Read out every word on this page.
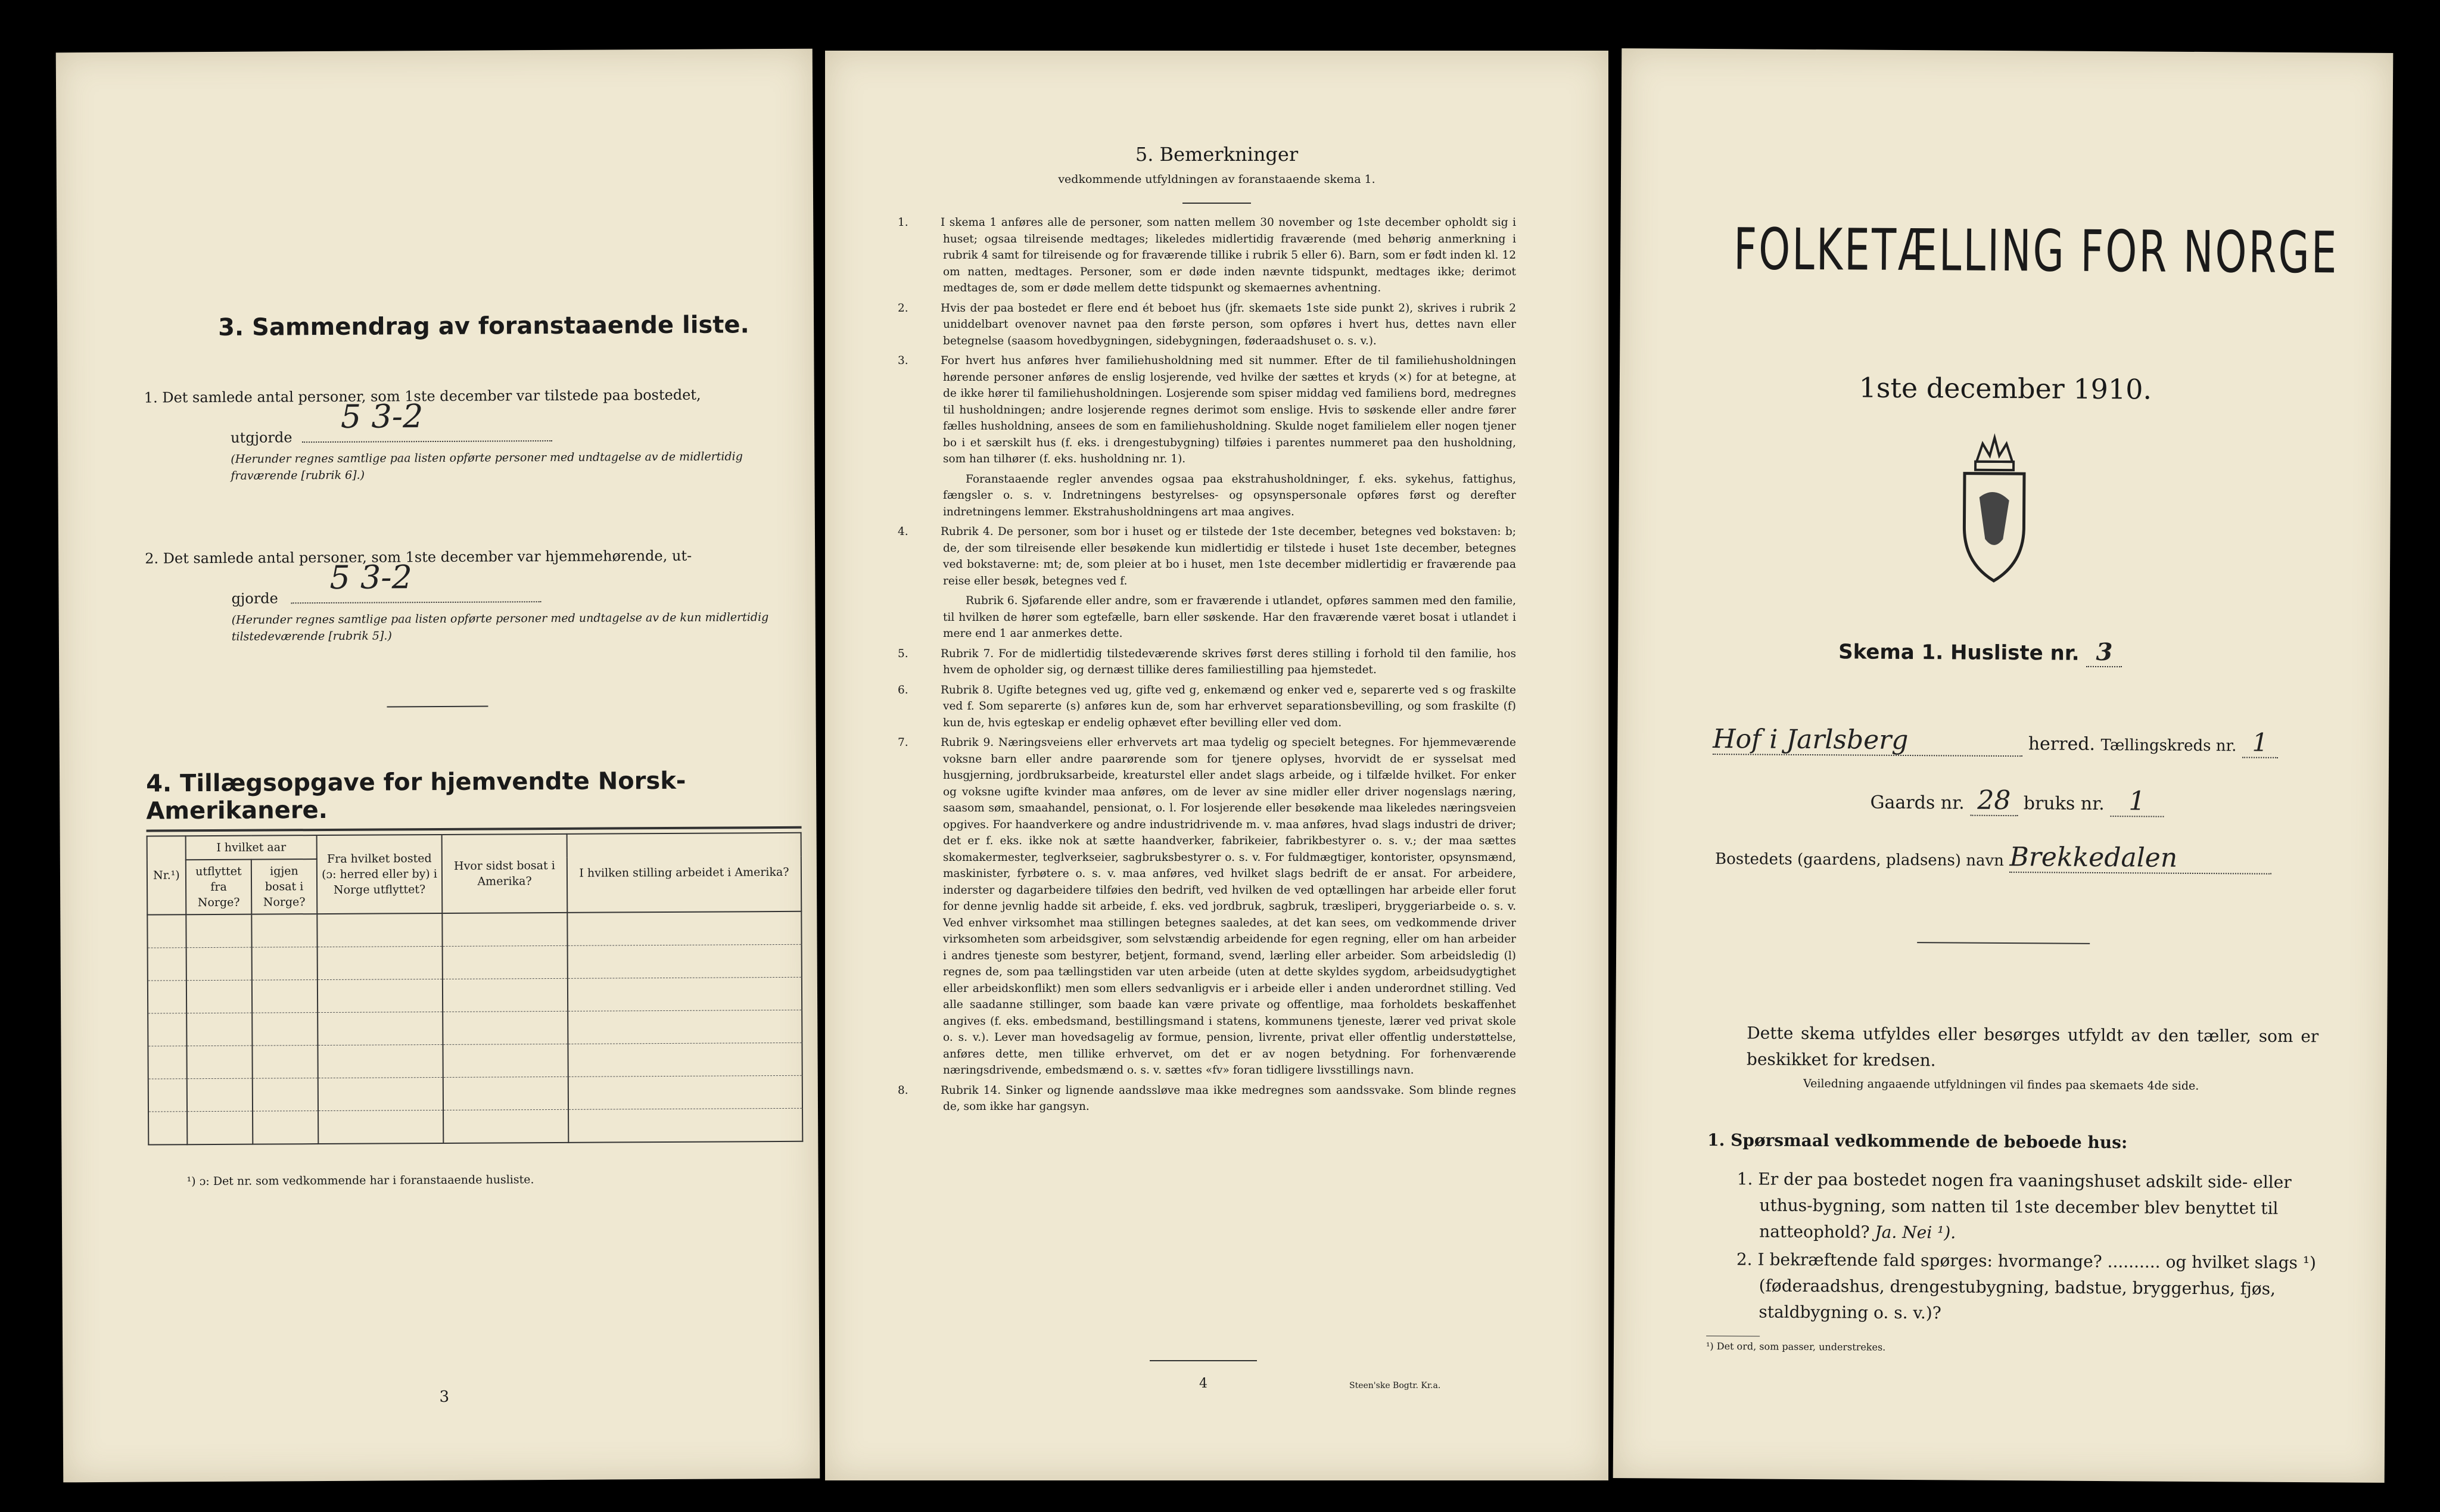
3. Sammendrag av foranstaaende liste.
1. Det samlede antal personer, som 1ste december var tilstede paa bostedet,
utgjorde
5 3-2
(Herunder regnes samtlige paa listen opførte personer med undtagelse av de midlertidig fraværende [rubrik 6].)
2. Det samlede antal personer, som 1ste december var hjemmehørende, ut-
gjorde
5 3-2
(Herunder regnes samtlige paa listen opførte personer med undtagelse av de kun midlertidig tilstedeværende [rubrik 5].)
4. Tillægsopgave for hjemvendte Norsk-Amerikanere.
Nr.¹)	I hvilket aar		Fra hvilket bosted (ɔ: herred eller by) i Norge utflyttet?	Hvor sidst bosat i Amerika?	I hvilken stilling arbeidet i Amerika?
	utflyttet fra Norge?	igjen bosat i Norge?			

¹) ɔ: Det nr. som vedkommende har i foranstaaende husliste.
3
5. Bemerkninger
vedkommende utfyldningen av foranstaaende skema 1.

1.	I skema 1 anføres alle de personer, som natten mellem 30 november og 1ste december opholdt sig i huset; ogsaa tilreisende medtages; likeledes midlertidig fraværende (med behørig anmerkning i rubrik 4 samt for tilreisende og for fraværende tillike i rubrik 5 eller 6). Barn, som er født inden kl. 12 om natten, medtages. Personer, som er døde inden nævnte tidspunkt, medtages ikke; derimot medtages de, som er døde mellem dette tidspunkt og skemaernes avhentning.

2.	Hvis der paa bostedet er flere end ét beboet hus (jfr. skemaets 1ste side punkt 2), skrives i rubrik 2 uniddelbart ovenover navnet paa den første person, som opføres i hvert hus, dettes navn eller betegnelse (saasom hovedbygningen, sidebygningen, føderaadshuset o. s. v.).

3.	For hvert hus anføres hver familiehusholdning med sit nummer. Efter de til familiehusholdningen hørende personer anføres de enslig losjerende, ved hvilke der sættes et kryds (×) for at betegne, at de ikke hører til familiehusholdningen. Losjerende som spiser middag ved familiens bord, medregnes til husholdningen; andre losjerende regnes derimot som enslige. Hvis to søskende eller andre fører fælles husholdning, ansees de som en familiehusholdning. Skulde noget familielem eller nogen tjener bo i et særskilt hus (f. eks. i drengestubygning) tilføies i parentes nummeret paa den husholdning, som han tilhører (f. eks. husholdning nr. 1).

Foranstaaende regler anvendes ogsaa paa ekstrahusholdninger, f. eks. sykehus, fattighus, fængsler o. s. v. Indretningens bestyrelses- og opsynspersonale opføres først og derefter indretningens lemmer. Ekstrahusholdningens art maa angives.

4.	Rubrik 4. De personer, som bor i huset og er tilstede der 1ste december, betegnes ved bokstaven: b; de, der som tilreisende eller besøkende kun midlertidig er tilstede i huset 1ste december, betegnes ved bokstaverne: mt; de, som pleier at bo i huset, men 1ste december midlertidig er fraværende paa reise eller besøk, betegnes ved f.

Rubrik 6. Sjøfarende eller andre, som er fraværende i utlandet, opføres sammen med den familie, til hvilken de hører som egtefælle, barn eller søskende. Har den fraværende været bosat i utlandet i mere end 1 aar anmerkes dette.

5.	Rubrik 7. For de midlertidig tilstedeværende skrives først deres stilling i forhold til den familie, hos hvem de opholder sig, og dernæst tillike deres familiestilling paa hjemstedet.

6.	Rubrik 8. Ugifte betegnes ved ug, gifte ved g, enkemænd og enker ved e, separerte ved s og fraskilte ved f. Som separerte (s) anføres kun de, som har erhvervet separationsbevilling, og som fraskilte (f) kun de, hvis egteskap er endelig ophævet efter bevilling eller ved dom.

7.	Rubrik 9. Næringsveiens eller erhvervets art maa tydelig og specielt betegnes. For hjemmeværende voksne barn eller andre paarørende som for tjenere oplyses, hvorvidt de er sysselsat med husgjerning, jordbruksarbeide, kreaturstel eller andet slags arbeide, og i tilfælde hvilket. For enker og voksne ugifte kvinder maa anføres, om de lever av sine midler eller driver nogenslags næring, saasom søm, smaahandel, pensionat, o. l. For losjerende eller besøkende maa likeledes næringsveien opgives. For haandverkere og andre industridrivende m. v. maa anføres, hvad slags industri de driver; det er f. eks. ikke nok at sætte haandverker, fabrikeier, fabrikbestyrer o. s. v.; der maa sættes skomakermester, teglverkseier, sagbruksbestyrer o. s. v. For fuldmægtiger, kontorister, opsynsmænd, maskinister, fyrbøtere o. s. v. maa anføres, ved hvilket slags bedrift de er ansat. For arbeidere, inderster og dagarbeidere tilføies den bedrift, ved hvilken de ved optællingen har arbeide eller forut for denne jevnlig hadde sit arbeide, f. eks. ved jordbruk, sagbruk, træsliperi, bryggeriarbeide o. s. v. Ved enhver virksomhet maa stillingen betegnes saaledes, at det kan sees, om vedkommende driver virksomheten som arbeidsgiver, som selvstændig arbeidende for egen regning, eller om han arbeider i andres tjeneste som bestyrer, betjent, formand, svend, lærling eller arbeider. Som arbeidsledig (l) regnes de, som paa tællingstiden var uten arbeide (uten at dette skyldes sygdom, arbeidsudygtighet eller arbeidskonflikt) men som ellers sedvanligvis er i arbeide eller i anden underordnet stilling. Ved alle saadanne stillinger, som baade kan være private og offentlige, maa forholdets beskaffenhet angives (f. eks. embedsmand, bestillingsmand i statens, kommunens tjeneste, lærer ved privat skole o. s. v.). Lever man hovedsagelig av formue, pension, livrente, privat eller offentlig understøttelse, anføres dette, men tillike erhvervet, om det er av nogen betydning. For forhenværende næringsdrivende, embedsmænd o. s. v. sættes «fv» foran tidligere livsstillings navn.

8.	Rubrik 14. Sinker og lignende aandssløve maa ikke medregnes som aandssvake. Som blinde regnes de, som ikke har gangsyn.

4	Steen'ske Bogtr. Kr.a.
FOLKETÆLLING FOR NORGE
1ste december 1910.
Skema 1. Husliste nr. 3
Hof i Jarlsberg	herred. Tællingskreds nr. 1
Gaards nr. 28 bruks nr. 1
Bostedets (gaardens, pladsens) navn Brekkedalen
Dette skema utfyldes eller besørges utfyldt av den tæller, som er beskikket for kredsen.
Veiledning angaaende utfyldningen vil findes paa skemaets 4de side.
1. Spørsmaal vedkommende de beboede hus:
1. Er der paa bostedet nogen fra vaaningshuset adskilt side- eller uthus-bygning, som natten til 1ste december blev benyttet til natteophold? Ja. Nei ¹).
2. I bekræftende fald spørges: hvormange? .......... og hvilket slags ¹) (føderaadshus, drengestubygning, badstue, bryggerhus, fjøs, staldbygning o. s. v.)?
¹) Det ord, som passer, understrekes.
